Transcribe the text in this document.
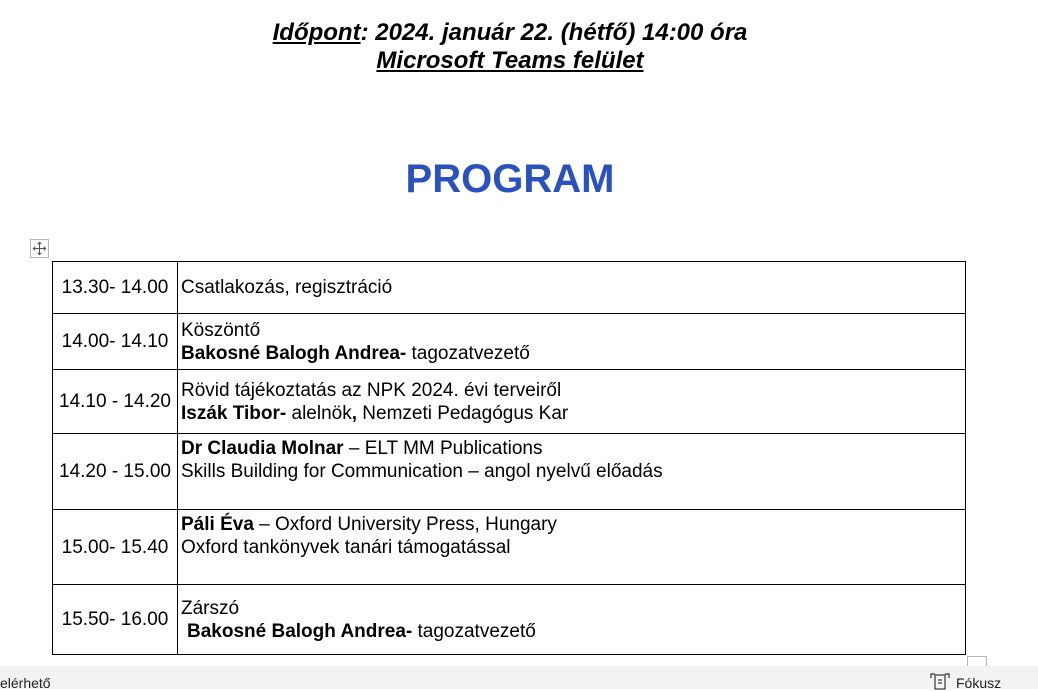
Időpont: 2024. január 22. (hétfő) 14:00 óra
Microsoft Teams felület
PROGRAM
13.30- 14.00	Csatlakozás, regisztráció
14.00- 14.10	Köszöntő
Bakosné Balogh Andrea- tagozatvezető

14.10 - 14.20	Rövid tájékoztatás az NPK 2024. évi terveiről
Iszák Tibor- alelnök, Nemzeti Pedagógus Kar

14.20 - 15.00	Dr Claudia Molnar – ELT MM Publications
Skills Building for Communication – angol nyelvű előadás

15.00- 15.40	Páli Éva – Oxford University Press, Hungary
Oxford tankönyvek tanári támogatással

15.50- 16.00	Zárszó
Bakosné Balogh Andrea- tagozatvezető
elérhető	Fókusz
